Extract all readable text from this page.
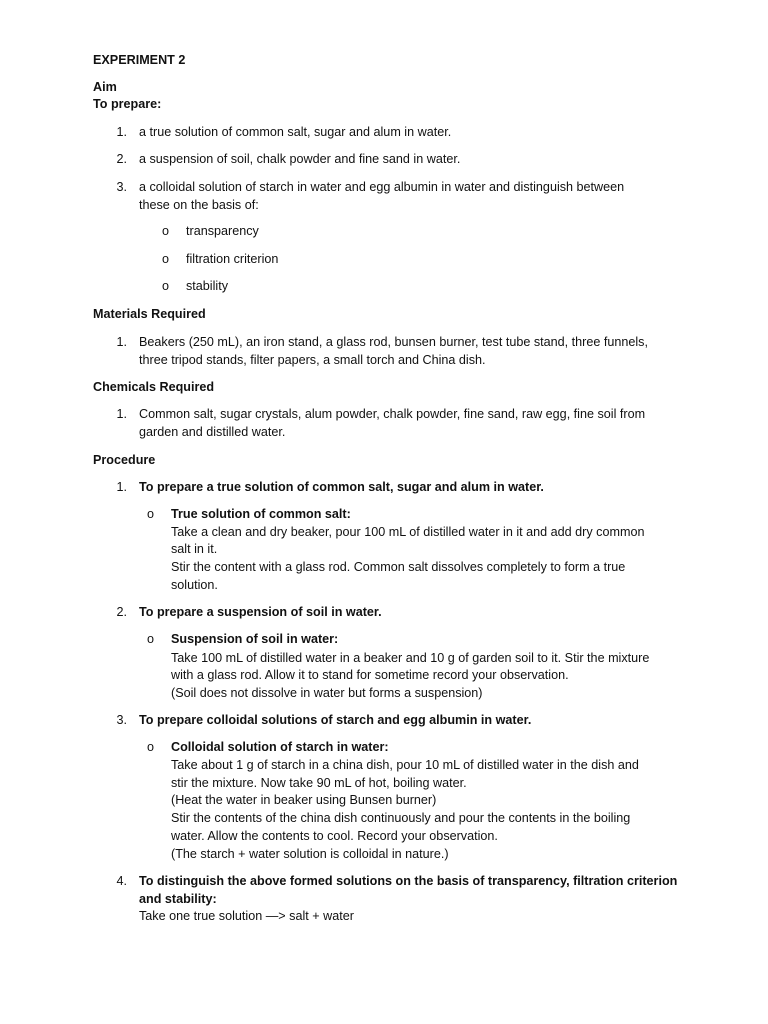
EXPERIMENT 2
Aim
To prepare:
1. a true solution of common salt, sugar and alum in water.
2. a suspension of soil, chalk powder and fine sand in water.
3. a colloidal solution of starch in water and egg albumin in water and distinguish between
these on the basis of:
o transparency
o filtration criterion
o stability
Materials Required
1. Beakers (250 mL), an iron stand, a glass rod, bunsen burner, test tube stand, three funnels,
three tripod stands, filter papers, a small torch and China dish.
Chemicals Required
1. Common salt, sugar crystals, alum powder, chalk powder, fine sand, raw egg, fine soil from
garden and distilled water.
Procedure
1. To prepare a true solution of common salt, sugar and alum in water.
o True solution of common salt:
Take a clean and dry beaker, pour 100 mL of distilled water in it and add dry common
salt in it.
Stir the content with a glass rod. Common salt dissolves completely to form a true
solution.
2. To prepare a suspension of soil in water.
o Suspension of soil in water:
Take 100 mL of distilled water in a beaker and 10 g of garden soil to it. Stir the mixture
with a glass rod. Allow it to stand for sometime record your observation.
(Soil does not dissolve in water but forms a suspension)
3. To prepare colloidal solutions of starch and egg albumin in water.
o Colloidal solution of starch in water:
Take about 1 g of starch in a china dish, pour 10 mL of distilled water in the dish and
stir the mixture. Now take 90 mL of hot, boiling water.
(Heat the water in beaker using Bunsen burner)
Stir the contents of the china dish continuously and pour the contents in the boiling
water. Allow the contents to cool. Record your observation.
(The starch + water solution is colloidal in nature.)
4. To distinguish the above formed solutions on the basis of transparency, filtration criterion
and stability:
Take one true solution —> salt + water
